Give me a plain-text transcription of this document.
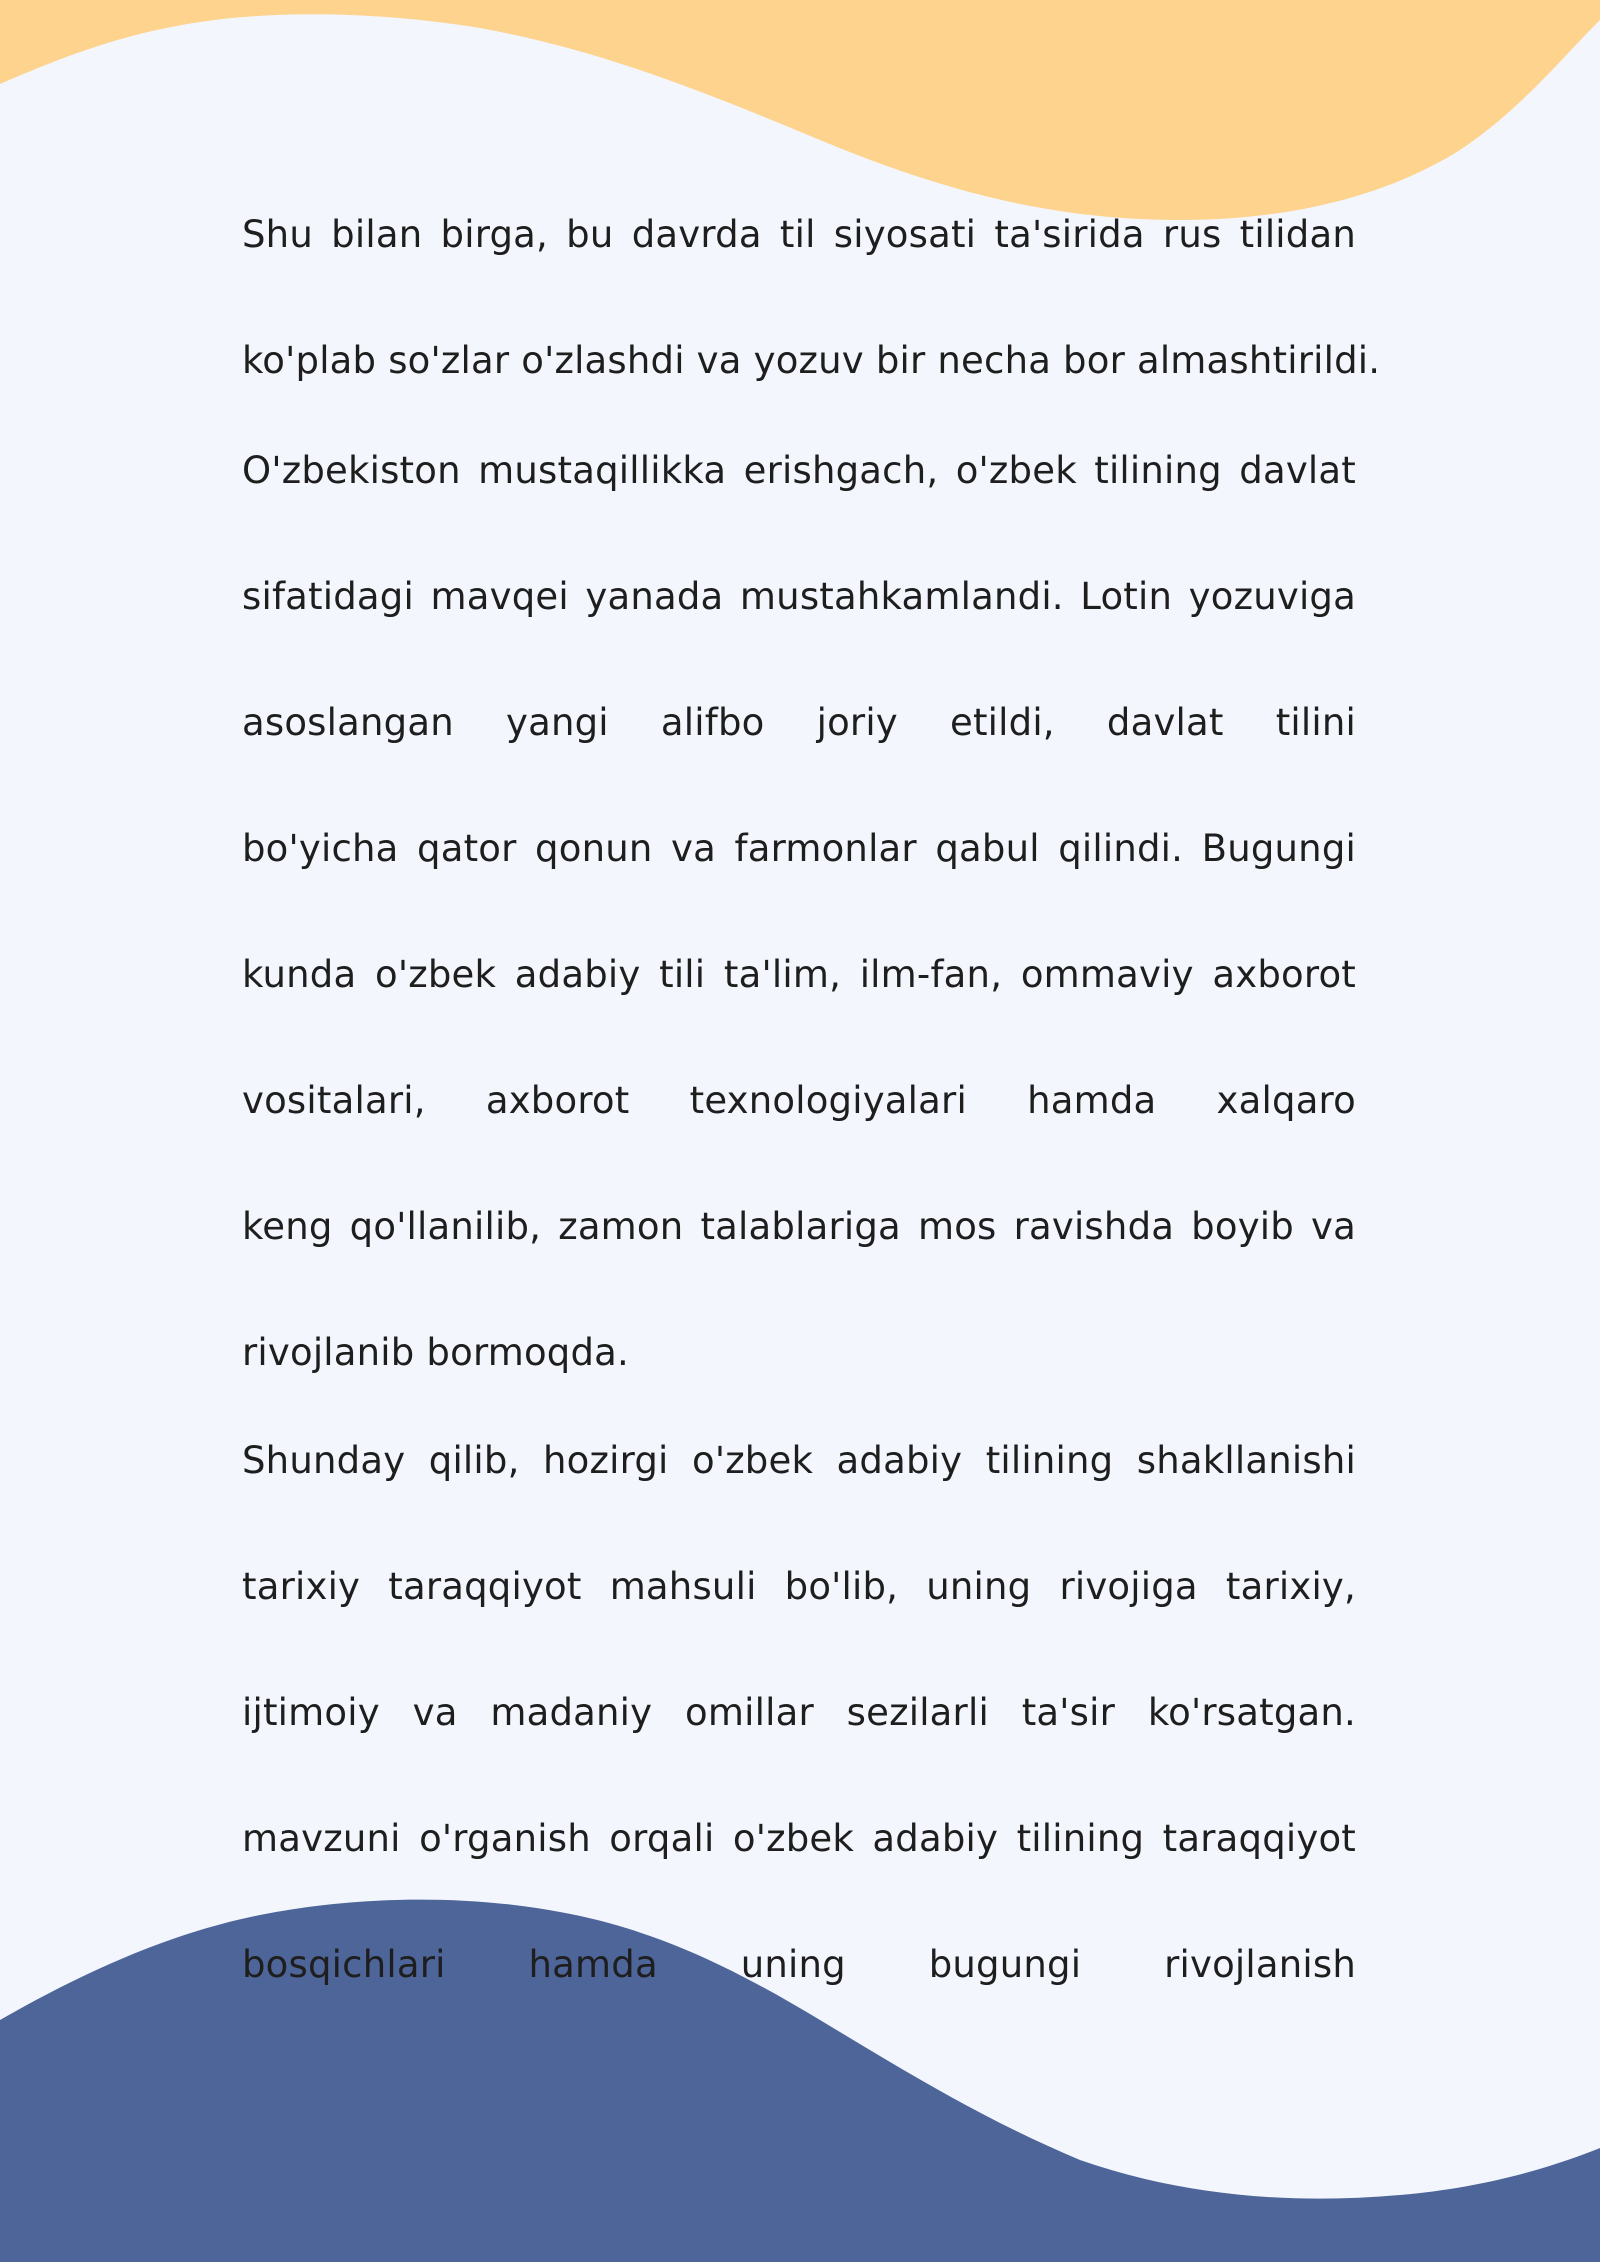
Shu bilan birga, bu davrda til siyosati ta'sirida rus tilidan
ko'plab so'zlar o'zlashdi va yozuv bir necha bor almashtirildi.
O'zbekiston mustaqillikka erishgach, o'zbek tilining davlat
sifatidagi mavqei yanada mustahkamlandi. Lotin yozuviga
asoslangan yangi alifbo joriy etildi, davlat tilini
bo'yicha qator qonun va farmonlar qabul qilindi. Bugungi
kunda o'zbek adabiy tili ta'lim, ilm-fan, ommaviy axborot
vositalari, axborot texnologiyalari hamda xalqaro
keng qo'llanilib, zamon talablariga mos ravishda boyib va
rivojlanib bormoqda.
Shunday qilib, hozirgi o'zbek adabiy tilining shakllanishi
tarixiy taraqqiyot mahsuli bo'lib, uning rivojiga tarixiy,
ijtimoiy va madaniy omillar sezilarli ta'sir ko'rsatgan.
mavzuni o'rganish orqali o'zbek adabiy tilining taraqqiyot
bosqichlari hamda uning bugungi rivojlanish
